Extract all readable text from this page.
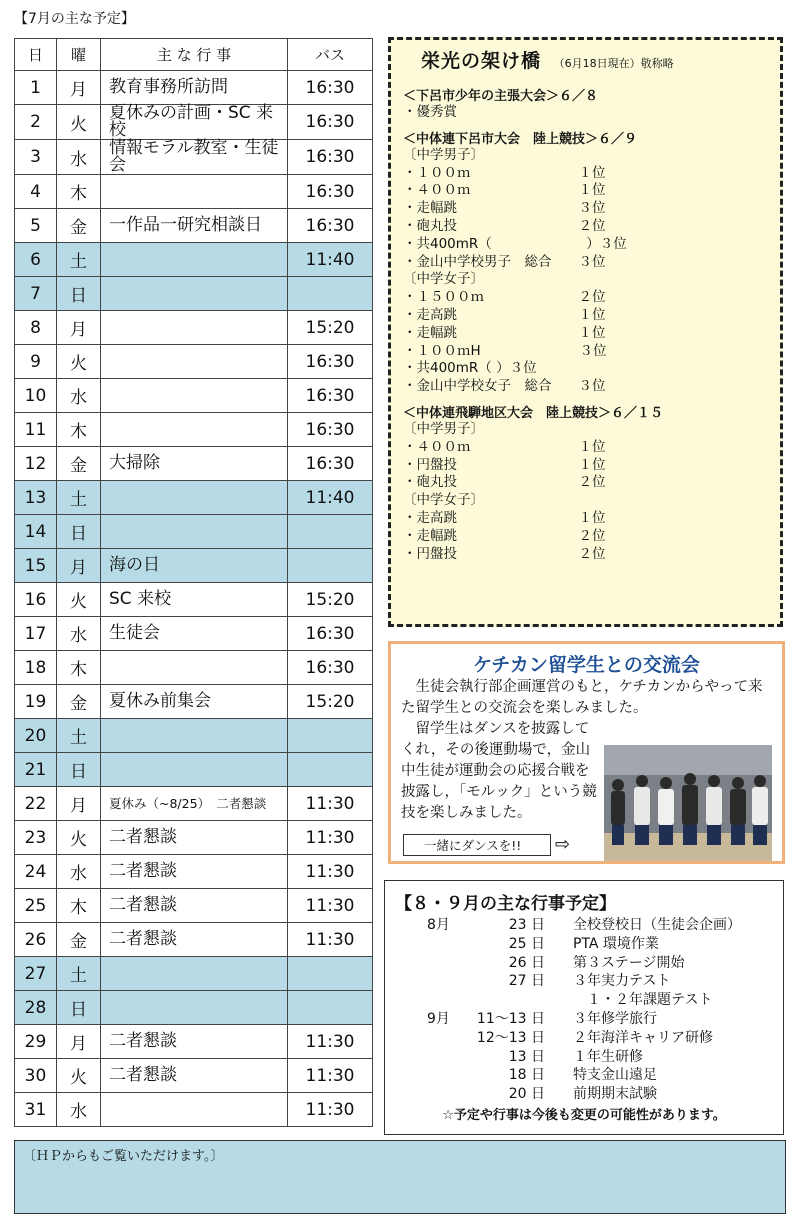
【7月の主な予定】
日	曜	主 な 行 事	バス
1	月	教育事務所訪問	16:30
2	火	夏休みの計画・SC 来校	16:30
3	水	情報モラル教室・生徒会	16:30
4	木		16:30
5	金	一作品一研究相談日	16:30
6	土		11:40
7	日		
8	月		15:20
9	火		16:30
10	水		16:30
11	木		16:30
12	金	大掃除	16:30
13	土		11:40
14	日		
15	月	海の日	
16	火	SC 来校	15:20
17	水	生徒会	16:30
18	木		16:30
19	金	夏休み前集会	15:20
20	土		
21	日		
22	月	夏休み（~8/25）　二者懇談	11:30
23	火	二者懇談	11:30
24	水	二者懇談	11:30
25	木	二者懇談	11:30
26	金	二者懇談	11:30
27	土		
28	日		
29	月	二者懇談	11:30
30	火	二者懇談	11:30
31	水		11:30
栄光の架け橋 （6月18日現在）敬称略
＜下呂市少年の主張大会＞６／８
・優秀賞
＜中体連下呂市大会　陸上競技＞６／９
〔中学男子〕
・１００ｍ　　　　　　　　１位
・４００ｍ　　　　　　　　１位
・走幅跳　　　　　　　　　３位
・砲丸投　　　　　　　　　２位
・共400mR（　　　　　　　）３位
・金山中学校男子　総合　　３位
〔中学女子〕
・１５００ｍ　　　　　　　２位
・走高跳　　　　　　　　　１位
・走幅跳　　　　　　　　　１位
・１００ｍH　　　　　　　 ３位
・共400mR（ ）３位
・金山中学校女子　総合　　３位
＜中体連飛騨地区大会　陸上競技＞６／１５
〔中学男子〕
・４００ｍ　　　　　　　　１位
・円盤投　　　　　　　　　１位
・砲丸投　　　　　　　　　２位
〔中学女子〕
・走高跳　　　　　　　　　１位
・走幅跳　　　　　　　　　２位
・円盤投　　　　　　　　　２位
ケチカン留学生との交流会
　生徒会執行部企画運営のもと，ケチカンからやって来た留学生との交流会を楽しみました。
　留学生はダンスを披露してくれ，その後運動場で，金山中生徒が運動会の応援合戦を披露し，「モルック」という競技を楽しみました。
一緒にダンスを!!	⇨
【８・９月の主な行事予定】
8月	23 日 全校登校日（生徒会企画）
25 日 PTA 環境作業
26 日 第３ステージ開始
27 日 ３年実力テスト
　１・２年課題テスト
9月 11～13 日 ３年修学旅行
12～13 日 ２年海洋キャリア研修
13 日 １年生研修
18 日 特支金山遠足
20 日 前期期末試験
☆予定や行事は今後も変更の可能性があります。
〔ＨＰからもご覧いただけます。〕
